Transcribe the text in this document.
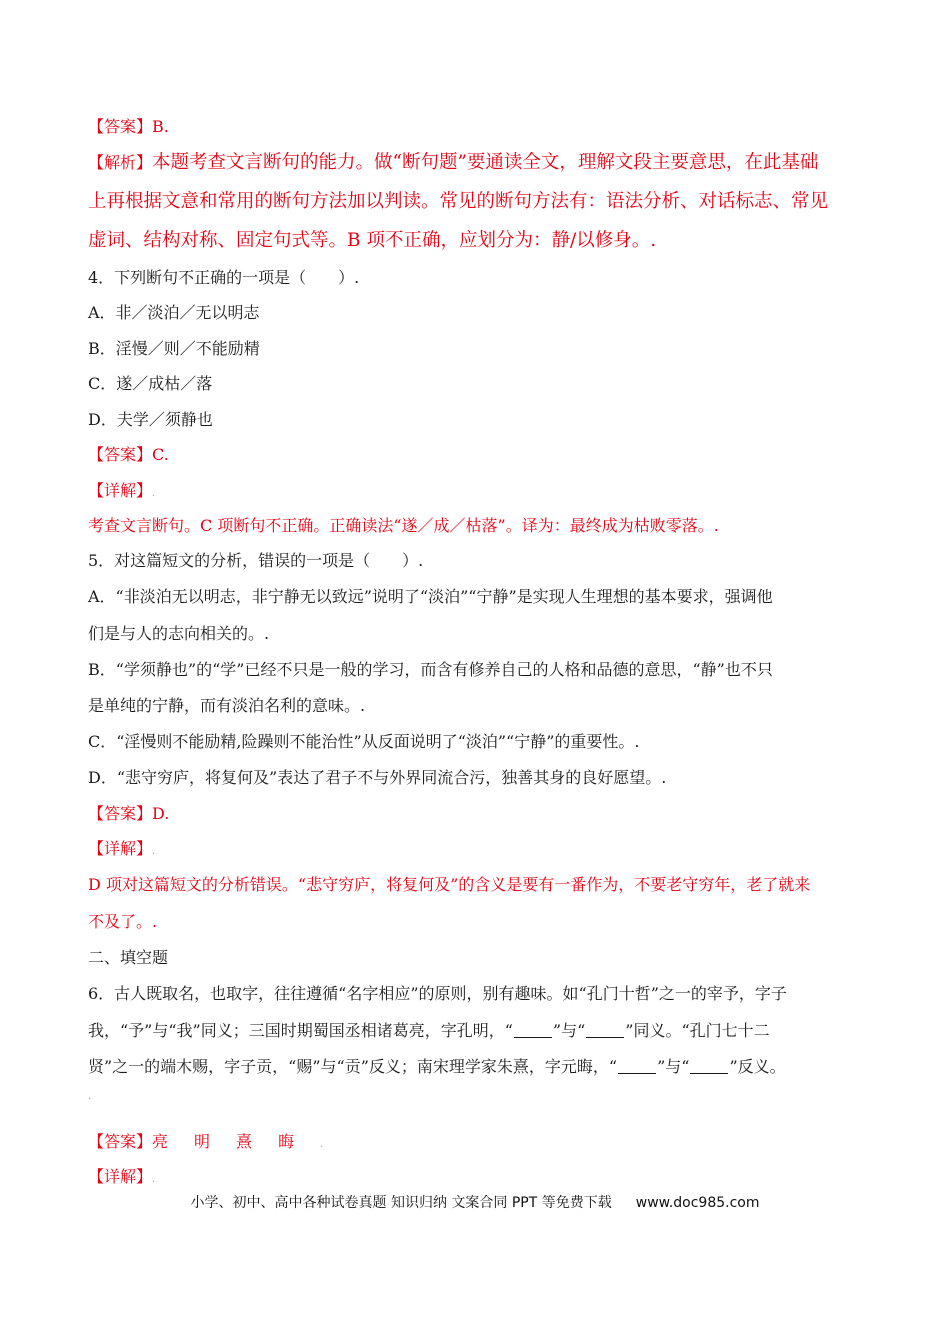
【答案】B.
【解析】本题考查文言断句的能力。做“断句题”要通读全文，理解文段主要意思，在此基础
上再根据文意和常用的断句方法加以判读。常见的断句方法有：语法分析、对话标志、常见
虚词、结构对称、固定句式等。B 项不正确，应划分为：静/以修身。.
4．下列断句不正确的一项是（　　）.
A．非／淡泊／无以明志
B．淫慢／则／不能励精
C．遂／成枯／落
D．夫学／须静也
【答案】C.
【详解】.
考查文言断句。C 项断句不正确。正确读法“遂／成／枯落”。译为：最终成为枯败零落。.
5．对这篇短文的分析，错误的一项是（　　）.
A．“非淡泊无以明志，非宁静无以致远”说明了“淡泊”“宁静”是实现人生理想的基本要求，强调他
们是与人的志向相关的。.
B．“学须静也”的“学”已经不只是一般的学习，而含有修养自己的人格和品德的意思，“静”也不只
是单纯的宁静，而有淡泊名利的意味。.
C．“淫慢则不能励精,险躁则不能治性”从反面说明了“淡泊”“宁静”的重要性。.
D．“悲守穷庐，将复何及”表达了君子不与外界同流合污，独善其身的良好愿望。.
【答案】D.
【详解】.
D 项对这篇短文的分析错误。“悲守穷庐，将复何及”的含义是要有一番作为，不要老守穷年，老了就来
不及了。.
二、填空题
6．古人既取名，也取字，往往遵循“名字相应”的原则，别有趣味。如“孔门十哲”之一的宰予，字子
我，“予”与“我”同义；三国时期蜀国丞相诸葛亮，字孔明，“	”与“	”同义。“孔门七十二
贤”之一的端木赐，字子贡，“赐”与“贡”反义；南宋理学家朱熹，字元晦，“	”与“	”反义。
.
【答案】亮 明 熹 晦	.
【详解】.
小学、初中、高中各种试卷真题 知识归纳 文案合同 PPT 等免费下载 www.doc985.com
